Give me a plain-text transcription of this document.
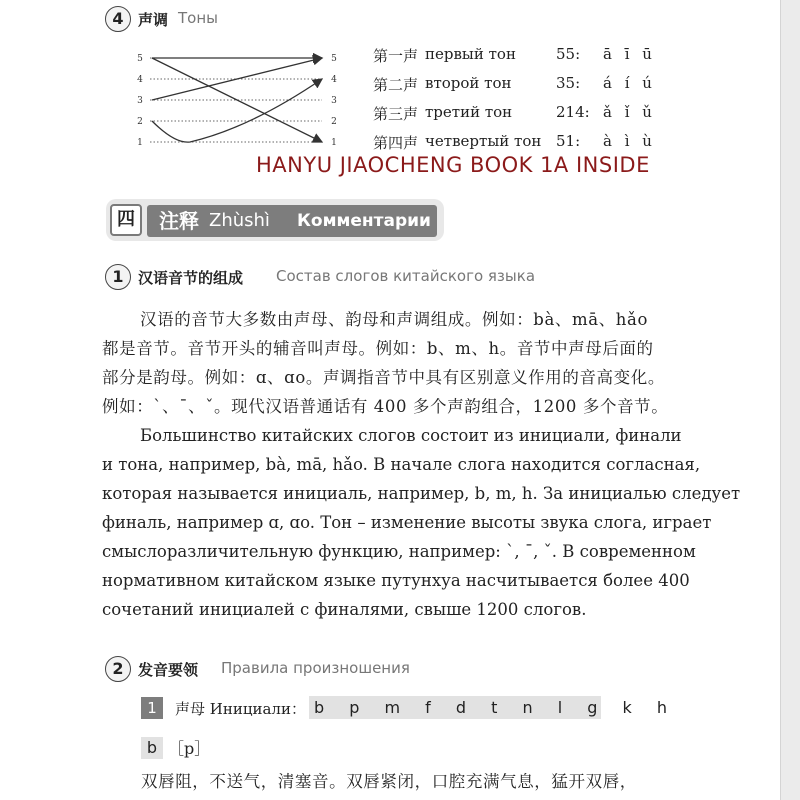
4 声调 Тоны
5
4
3
2
1
5
4
3
2
1
第一声 первый тон	55: ā ī ū
第二声 второй тон	35: á í ú
第三声 третий тон	214: ǎ ǐ ǔ
第四声 четвертый тон 51: à ì ù
HANYU JIAOCHENG BOOK 1A INSIDE
四	注释 Zhùshì Комментарии
1 汉语音节的组成 Состав слогов китайского языка
汉语的音节大多数由声母、韵母和声调组成。例如：bà、mā、hǎo
都是音节。音节开头的辅音叫声母。例如：b、m、h。音节中声母后面的
部分是韵母。例如：ɑ、ɑo。声调指音节中具有区别意义作用的音高变化。
例如：ˋ、ˉ、ˇ。现代汉语普通话有 400 多个声韵组合，1200 多个音节。
Большинство китайских слогов состоит из инициали, финали
и тона, например, bà, mā, hǎo. В начале слога находится согласная,
которая называется инициаль, например, b, m, h. За инициалью следует
финаль, например ɑ, ɑo. Тон – изменение высоты звука слога, играет
смыслоразличительную функцию, например: ˋ, ˉ, ˇ. В современном
нормативном китайском языке путунхуа насчитывается более 400
сочетаний инициалей с финалями, свыше 1200 слогов.
2 发音要领 Правила произношения
1	声母 Инициали： b p m f d t n l g k h
b ［p］
双唇阻，不送气，清塞音。双唇紧闭，口腔充满气息，猛开双唇，
